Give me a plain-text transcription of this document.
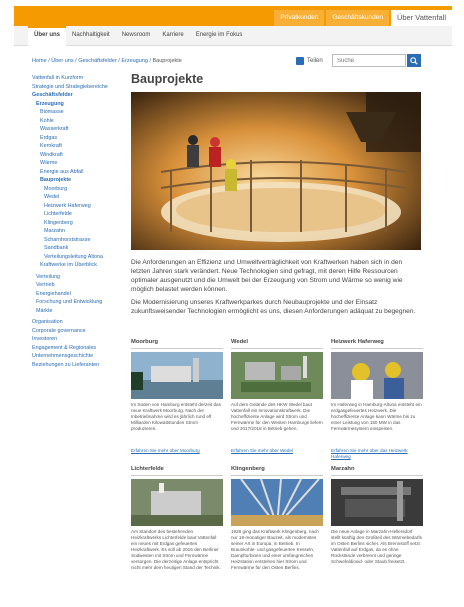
Privatkunden	Geschäftskunden	Über Vattenfall
Über uns	Nachhaltigkeit	Newsroom	Karriere	Energie im Fokus
Home / Über uns / Geschäftsfelder / Erzeugung / Bauprojekte	Teilen
Suche
Vattenfall in Kurzform
Strategie und Strategiebereiche
Geschäftsfelder
Erzeugung
Biomasse
Kohle
Wasserkraft
Erdgas
Kernkraft
Windkraft
Wärme
Energie aus Abfall
Bauprojekte
Moorburg
Wedel
Heizwerk Haferweg
Lichterfelde
Klingenberg
Marzahn
Scharnhorststrasse
Sandbank
Verteilungsleitung Altona
Kraftwerke im Überblick
Verteilung
Vertrieb
Energiehandel
Forschung und Entwicklung
Märkte
Organisation
Corporate governance
Investoren
Engagement & Regionales
Unternehmensgeschichte
Beziehungen zu Lieferanten
Bauprojekte

Die Anforderungen an Effizienz und Umweltverträglichkeit von Kraftwerken haben sich in den letzten Jahren stark verändert. Neue Technologien sind gefragt, mit deren Hilfe Ressourcen optimaler ausgenutzt und die Umwelt bei der Erzeugung von Strom und Wärme so wenig wie möglich belastet werden können.

Die Modernisierung unseres Kraftwerkparkes durch Neubauprojekte und der Einsatz zukunftsweisender Technologien ermöglicht es uns, diesen Anforderungen adäquat zu begegnen.

Moorburg
Im Süden von Hamburg entsteht derzeit das neue Kraftwerk Moorburg. Nach der Inbetriebnahme wird es jährlich rund elf Milliarden Kilowattstunden Strom produzieren.
Erfahren Sie mehr über Moorburg
Wedel
Auf dem Gelände des HKW Wedel baut Vattenfall ein Innovationskraftwerk. Die hocheffiziente Anlage wird Strom und Fernwärme für den Westen Hamburgs liefern und 2017/2018 in Betrieb gehen.
Erfahren Sie mehr über Wedel
Heizwerk Haferweg
Im Haferweg in Hamburg-Altona entsteht ein erdgasgefeuertes Heizwerk. Die hocheffiziente Anlage kann Wärme bis zu einer Leistung von 150 MW in das Fernwärmesystem einspeisen.
Erfahren Sie mehr über das Heizwerk Haferweg
Lichterfelde
Am Standort des bestehenden Heizkraftwerks Lichterfelde baut Vattenfall ein neues mit Erdgas gefeuertes Heizkraftwerk. Es soll ab 2016 den Berliner Südwesten mit Strom und Fernwärme versorgen. Die derzeitige Anlage entspricht nicht mehr dem heutigen Stand der Technik.
Klingenberg
1926 ging das Kraftwerk Klingenberg, nach nur 18-monatiger Bauzeit, als modernstes seiner Art in Europa, in Betrieb. In Braunkohle- und gasgefeuerten Kesseln, Dampfturbinen und einer umfangreichen Heizstation entstehen hier Strom und Fernwärme für den Osten Berlins.
Marzahn
Die neue Anlage in Marzahn-Hellersdorf stellt künftig den Großteil des Wärmebedarfs im Osten Berlins sicher. Als Brennstoff setzt Vattenfall auf Erdgas, da es ohne Rückstände verbrennt und geringe Schwefeldioxid- oder Staub freisetzt.
